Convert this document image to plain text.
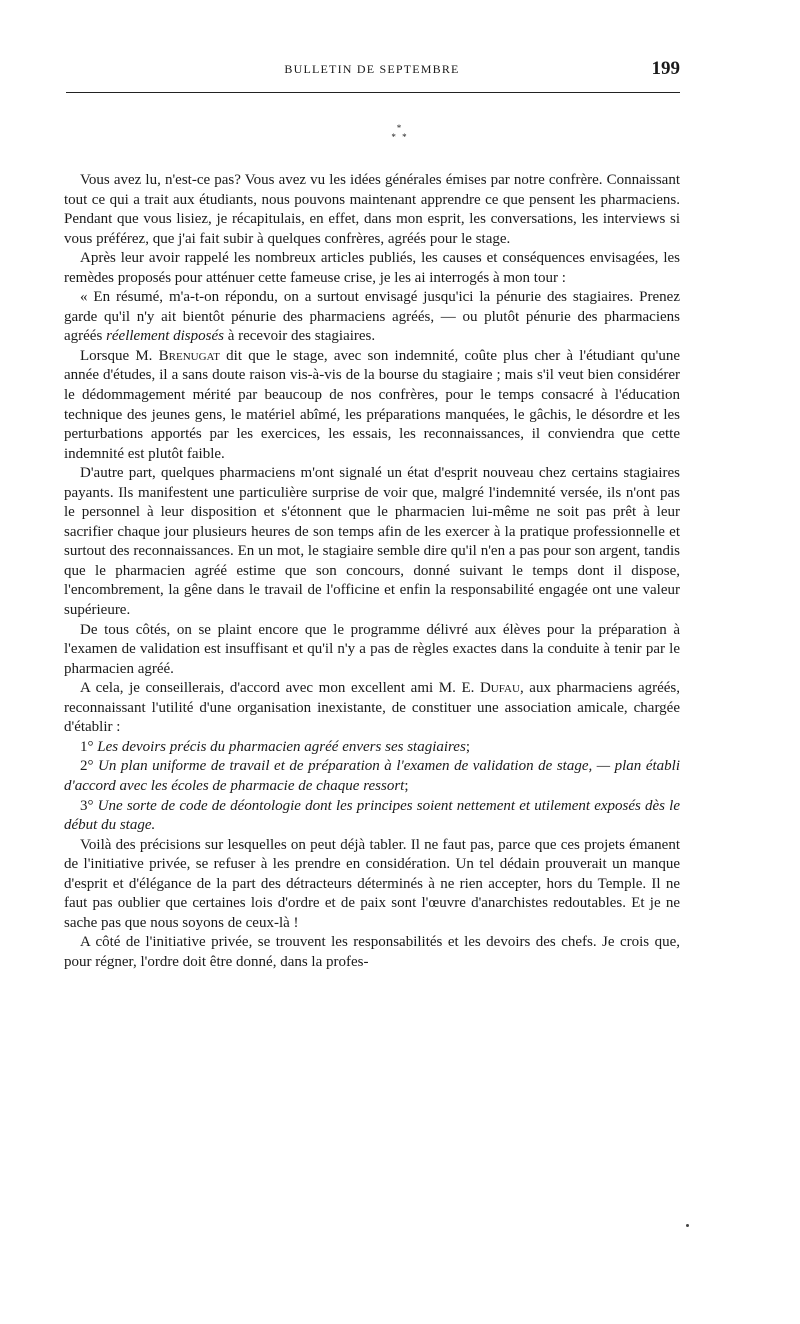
BULLETIN DE SEPTEMBRE	199
*
* *

Vous avez lu, n'est-ce pas? Vous avez vu les idées générales émises par notre confrère. Connaissant tout ce qui a trait aux étudiants, nous pouvons maintenant apprendre ce que pensent les pharmaciens. Pendant que vous lisiez, je récapitulais, en effet, dans mon esprit, les conversations, les interviews si vous préférez, que j'ai fait subir à quelques confrères, agréés pour le stage.

Après leur avoir rappelé les nombreux articles publiés, les causes et conséquences envisagées, les remèdes proposés pour atténuer cette fameuse crise, je les ai interrogés à mon tour :

« En résumé, m'a-t-on répondu, on a surtout envisagé jusqu'ici la pénurie des stagiaires. Prenez garde qu'il n'y ait bientôt pénurie des pharmaciens agréés, — ou plutôt pénurie des pharmaciens agréés réellement disposés à recevoir des stagiaires.

Lorsque M. Brenugat dit que le stage, avec son indemnité, coûte plus cher à l'étudiant qu'une année d'études, il a sans doute raison vis-à-vis de la bourse du stagiaire ; mais s'il veut bien considérer le dédommagement mérité par beaucoup de nos confrères, pour le temps consacré à l'éducation technique des jeunes gens, le matériel abîmé, les préparations manquées, le gâchis, le désordre et les perturbations apportés par les exercices, les essais, les reconnaissances, il conviendra que cette indemnité est plutôt faible.

D'autre part, quelques pharmaciens m'ont signalé un état d'esprit nouveau chez certains stagiaires payants. Ils manifestent une particulière surprise de voir que, malgré l'indemnité versée, ils n'ont pas le personnel à leur disposition et s'étonnent que le pharmacien lui-même ne soit pas prêt à leur sacrifier chaque jour plusieurs heures de son temps afin de les exercer à la pratique professionnelle et surtout des reconnaissances. En un mot, le stagiaire semble dire qu'il n'en a pas pour son argent, tandis que le pharmacien agréé estime que son concours, donné suivant le temps dont il dispose, l'encombrement, la gêne dans le travail de l'officine et enfin la responsabilité engagée ont une valeur supérieure.

De tous côtés, on se plaint encore que le programme délivré aux élèves pour la préparation à l'examen de validation est insuffisant et qu'il n'y a pas de règles exactes dans la conduite à tenir par le pharmacien agréé.

A cela, je conseillerais, d'accord avec mon excellent ami M. E. Dufau, aux pharmaciens agréés, reconnaissant l'utilité d'une organisation inexistante, de constituer une association amicale, chargée d'établir :

1° Les devoirs précis du pharmacien agréé envers ses stagiaires;

2° Un plan uniforme de travail et de préparation à l'examen de validation de stage, — plan établi d'accord avec les écoles de pharmacie de chaque ressort;

3° Une sorte de code de déontologie dont les principes soient nettement et utilement exposés dès le début du stage.

Voilà des précisions sur lesquelles on peut déjà tabler. Il ne faut pas, parce que ces projets émanent de l'initiative privée, se refuser à les prendre en considération. Un tel dédain prouverait un manque d'esprit et d'élégance de la part des détracteurs déterminés à ne rien accepter, hors du Temple. Il ne faut pas oublier que certaines lois d'ordre et de paix sont l'œuvre d'anarchistes redoutables. Et je ne sache pas que nous soyons de ceux-là !

A côté de l'initiative privée, se trouvent les responsabilités et les devoirs des chefs. Je crois que, pour régner, l'ordre doit être donné, dans la profes-
